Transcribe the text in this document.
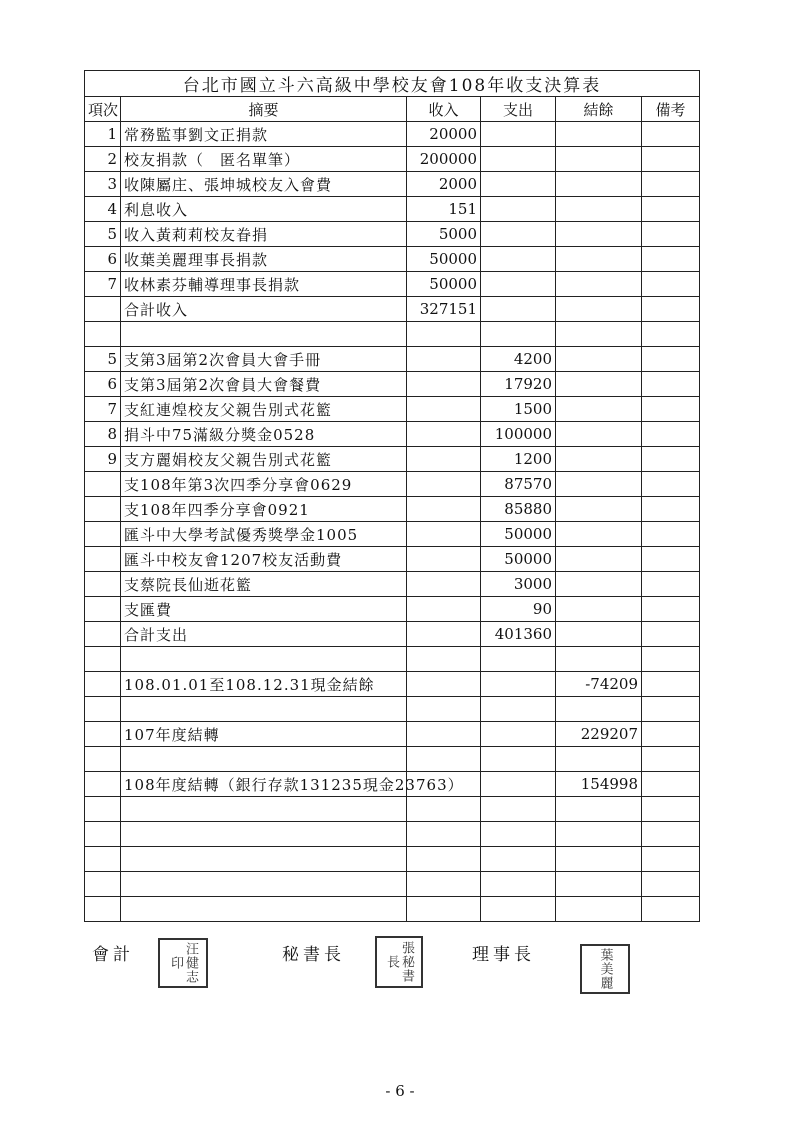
台北市國立斗六高級中學校友會108年收支決算表					
項次	摘要	收入	支出	結餘	備考
1	常務監事劉文正捐款	20000			
2	校友捐款（　匿名單筆）	200000			
3	收陳屬庄、張坤城校友入會費	2000			
4	利息收入	151			
5	收入黃莉莉校友眷捐	5000			
6	收葉美麗理事長捐款	50000			
7	收林素芬輔導理事長捐款	50000			
	合計收入	327151			

5	支第3屆第2次會員大會手冊		4200		
6	支第3屆第2次會員大會餐費		17920		
7	支紅連煌校友父親告別式花籃		1500		
8	捐斗中75滿級分獎金0528		100000		
9	支方麗娟校友父親告別式花籃		1200		
	支108年第3次四季分享會0629		87570		
	支108年四季分享會0921		85880		
	匯斗中大學考試優秀獎學金1005		50000		
	匯斗中校友會1207校友活動費		50000		
	支蔡院長仙逝花籃		3000		
	支匯費		90		
	合計支出		401360		

	108.01.01至108.12.31現金結餘			-74209	

	107年度結轉			229207	

	108年度結轉（銀行存款131235現金23763）			154998	

會計	汪健志印	秘書長	張秘書長	理事長	葉美麗
- 6 -
